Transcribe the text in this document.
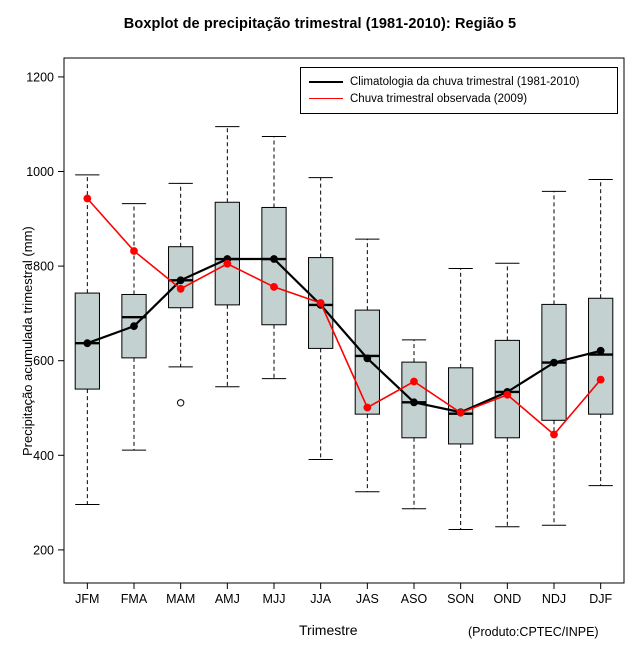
Boxplot de precipitação trimestral (1981-2010): Região 5
Precipitação acumulada trimestral (mm)
Trimestre	(Produto:CPTEC/INPE)
200
400
600
800
1000
1200
JFM FMA MAM AMJ MJJ JJA JAS ASO SON OND NDJ DJF
Climatologia da chuva trimestral (1981-2010)
Chuva trimestral observada (2009)
